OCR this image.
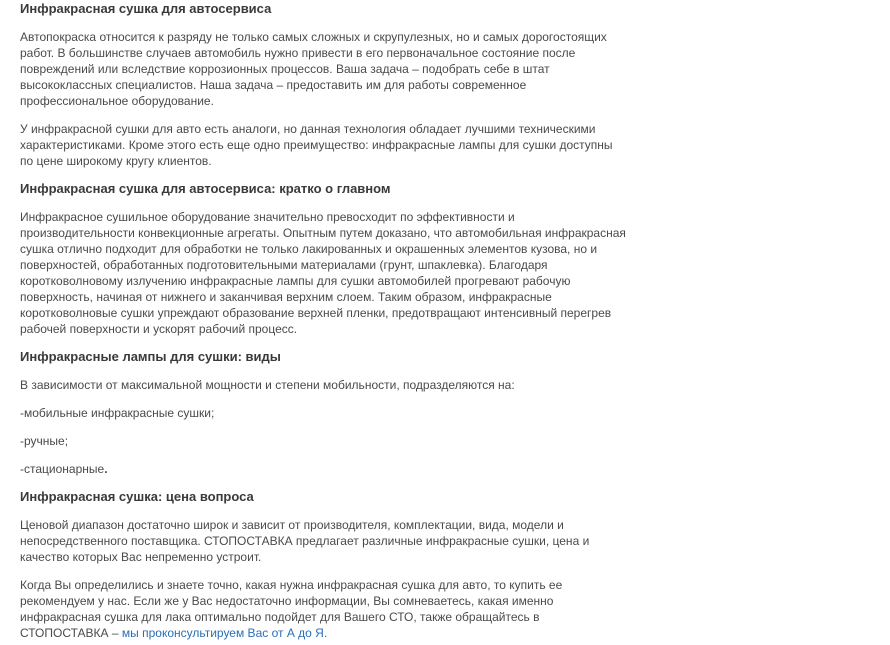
Инфракрасная сушка для автосервиса

Автопокраска относится к разряду не только самых сложных и скрупулезных, но и самых дорогостоящих
работ. В большинстве случаев автомобиль нужно привести в его первоначальное состояние после
повреждений или вследствие коррозионных процессов. Ваша задача – подобрать себе в штат
высококлассных специалистов. Наша задача – предоставить им для работы современное
профессиональное оборудование.

У инфракрасной сушки для авто есть аналоги, но данная технология обладает лучшими техническими
характеристиками. Кроме этого есть еще одно преимущество: инфракрасные лампы для сушки доступны
по цене широкому кругу клиентов.

Инфракрасная сушка для автосервиса: кратко о главном

Инфракрасное сушильное оборудование значительно превосходит по эффективности и
производительности конвекционные агрегаты. Опытным путем доказано, что автомобильная инфракрасная
сушка отлично подходит для обработки не только лакированных и окрашенных элементов кузова, но и
поверхностей, обработанных подготовительными материалами (грунт, шпаклевка). Благодаря
коротковолновому излучению инфракрасные лампы для сушки автомобилей прогревают рабочую
поверхность, начиная от нижнего и заканчивая верхним слоем. Таким образом, инфракрасные
коротковолновые сушки упреждают образование верхней пленки, предотвращают интенсивный перегрев
рабочей поверхности и ускорят рабочий процесс.

Инфракрасные лампы для сушки: виды

В зависимости от максимальной мощности и степени мобильности, подразделяются на:

-мобильные инфракрасные сушки;

-ручные;

-стационарные.

Инфракрасная сушка: цена вопроса

Ценовой диапазон достаточно широк и зависит от производителя, комплектации, вида, модели и
непосредственного поставщика. СТОПОСТАВКА предлагает различные инфракрасные сушки, цена и
качество которых Вас непременно устроит.

Когда Вы определились и знаете точно, какая нужна инфракрасная сушка для авто, то купить ее
рекомендуем у нас. Если же у Вас недостаточно информации, Вы сомневаетесь, какая именно
инфракрасная сушка для лака оптимально подойдет для Вашего СТО, также обращайтесь в
СТОПОСТАВКА – мы проконсультируем Вас от А до Я.
